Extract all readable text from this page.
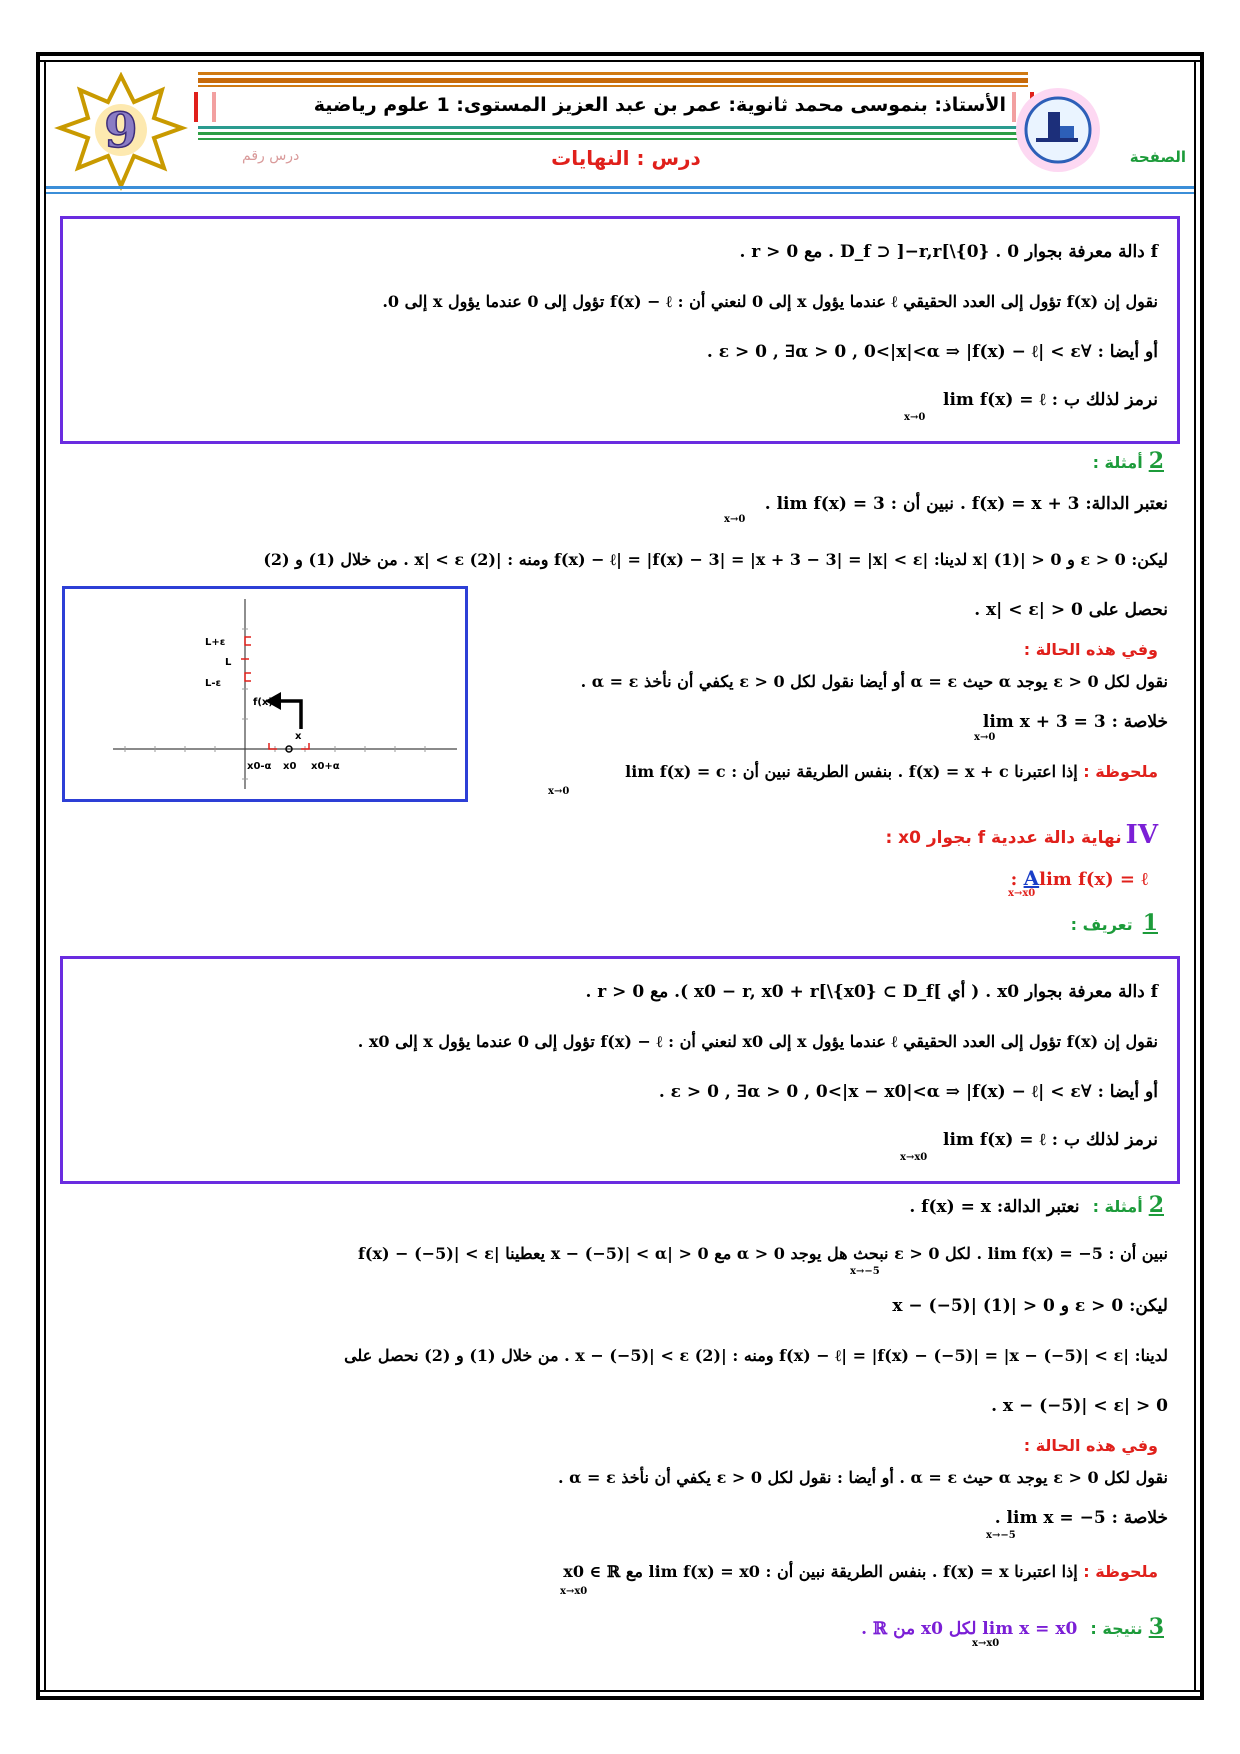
9	الأستاذ: بنموسى محمد ثانوية: عمر بن عبد العزيز المستوى: 1 علوم رياضية
الصفحة
درس : النهايات
درس رقم
f دالة معرفة بجوار 0 . D_f ⊃ ]−r,r[\{0} . مع r > 0 .
نقول إن f(x) تؤول إلى العدد الحقيقي ℓ عندما يؤول x إلى 0 لنعني أن : f(x) − ℓ تؤول إلى 0 عندما يؤول x إلى 0.
أو أيضا : ∀ε > 0 , ∃α > 0 , 0<|x|<α ⇒ |f(x) − ℓ| < ε .
نرمز لذلك ب : lim f(x) = ℓ
x→0
2أمثلة :
نعتبر الدالة: f(x) = x + 3 . نبين أن : lim f(x) = 3 .
x→0
ليكن: ε > 0 و 0 < |x| (1) لدينا: |f(x) − ℓ| = |f(x) − 3| = |x + 3 − 3| = |x| < ε ومنه : |x| < ε (2) . من خلال (1) و (2)
نحصل على 0 < |x| < ε .
وفي هذه الحالة :
نقول لكل ε > 0 يوجد α حيث α = ε أو أيضا نقول لكل ε > 0 يكفي أن نأخذ α = ε .
خلاصة : lim x + 3 = 3
x→0
ملحوظة : إذا اعتبرنا f(x) = x + c . بنفس الطريقة نبين أن : lim f(x) = c
x→0
L+ε
L
L-ε
f(x)
x
x0-α x0 x0+α
IVنهاية دالة عددية f بجوار x0 :
Alim f(x) = ℓ :
x→x0
1تعريف :
f دالة معرفة بجوار x0 . ( أي ]x0 − r, x0 + r[\{x0} ⊂ D_f ). مع r > 0 .
نقول إن f(x) تؤول إلى العدد الحقيقي ℓ عندما يؤول x إلى x0 لنعني أن : f(x) − ℓ تؤول إلى 0 عندما يؤول x إلى x0 .
أو أيضا : ∀ε > 0 , ∃α > 0 , 0<|x − x0|<α ⇒ |f(x) − ℓ| < ε .
نرمز لذلك ب : lim f(x) = ℓ
x→x0
2أمثلة : نعتبر الدالة: f(x) = x .
نبين أن : lim f(x) = −5 . لكل ε > 0 نبحث هل يوجد α > 0 مع 0 < |x − (−5)| < α يعطينا |f(x) − (−5)| < ε
x→−5
ليكن: ε > 0 و 0 < |x − (−5)| (1)
لدينا: |f(x) − ℓ| = |f(x) − (−5)| = |x − (−5)| < ε ومنه : |x − (−5)| < ε (2) . من خلال (1) و (2) نحصل على
0 < |x − (−5)| < ε .
وفي هذه الحالة :
نقول لكل ε > 0 يوجد α حيث α = ε . أو أيضا : نقول لكل ε > 0 يكفي أن نأخذ α = ε .
خلاصة : lim x = −5 .
x→−5
ملحوظة : إذا اعتبرنا f(x) = x . بنفس الطريقة نبين أن : lim f(x) = x0 مع x0 ∈ ℝ
x→x0
3نتيجة : lim x = x0 لكل x0 من ℝ .
x→x0
